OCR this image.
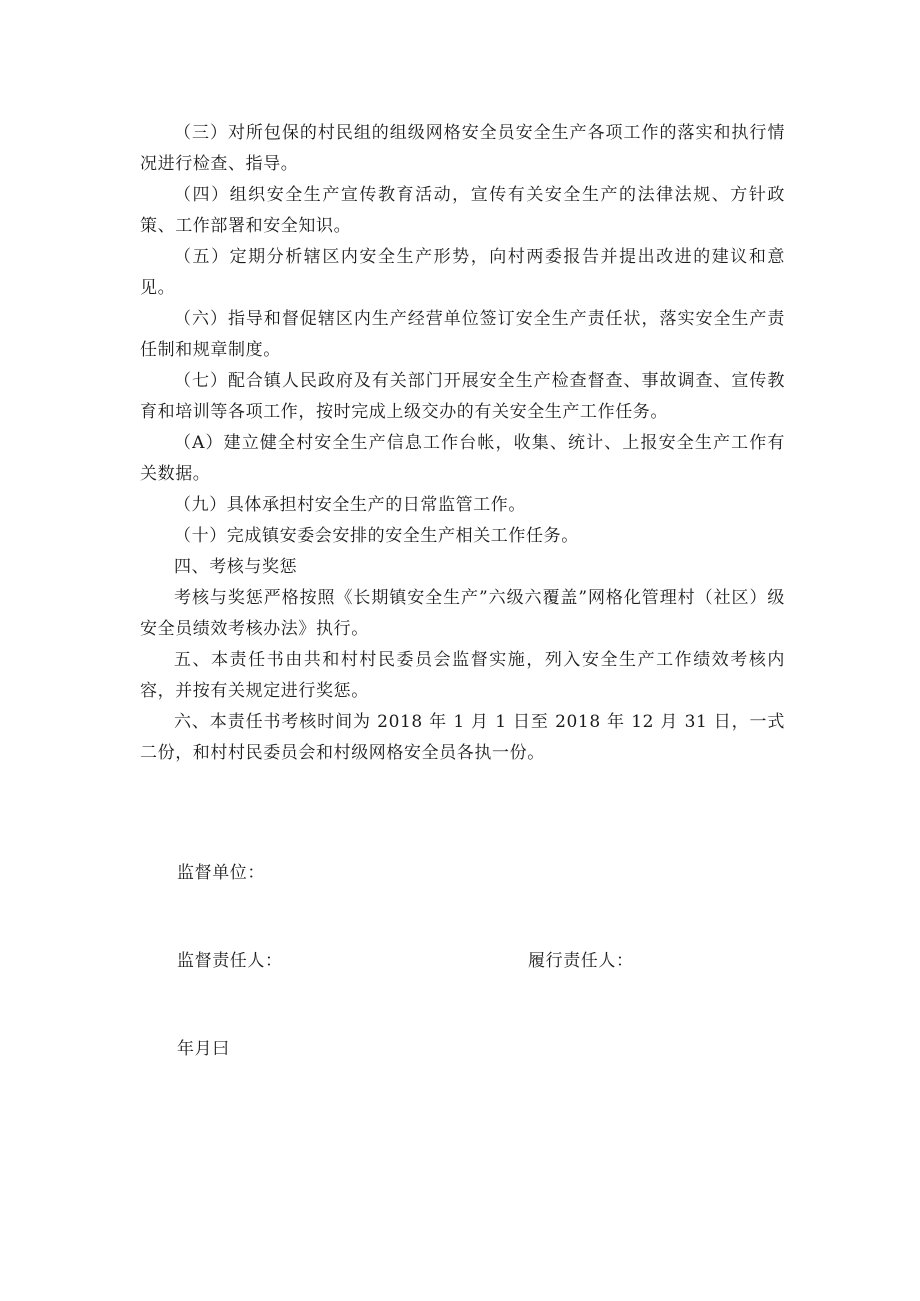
（三）对所包保的村民组的组级网格安全员安全生产各项工作的落实和执行情况进行检查、指导。

（四）组织安全生产宣传教育活动，宣传有关安全生产的法律法规、方针政策、工作部署和安全知识。

（五）定期分析辖区内安全生产形势，向村两委报告并提出改进的建议和意见。

（六）指导和督促辖区内生产经营单位签订安全生产责任状，落实安全生产责任制和规章制度。

（七）配合镇人民政府及有关部门开展安全生产检查督查、事故调查、宣传教育和培训等各项工作，按时完成上级交办的有关安全生产工作任务。

（A）建立健全村安全生产信息工作台帐，收集、统计、上报安全生产工作有关数据。

（九）具体承担村安全生产的日常监管工作。

（十）完成镇安委会安排的安全生产相关工作任务。

四、考核与奖惩

考核与奖惩严格按照《长期镇安全生产”六级六覆盖”网格化管理村（社区）级安全员绩效考核办法》执行。

五、本责任书由共和村村民委员会监督实施，列入安全生产工作绩效考核内容，并按有关规定进行奖惩。

六、本责任书考核时间为 2018 年 1 月 1 日至 2018 年 12 月 31 日，一式二份，和村村民委员会和村级网格安全员各执一份。

监督单位：
监督责任人：	履行责任人：
年月曰
